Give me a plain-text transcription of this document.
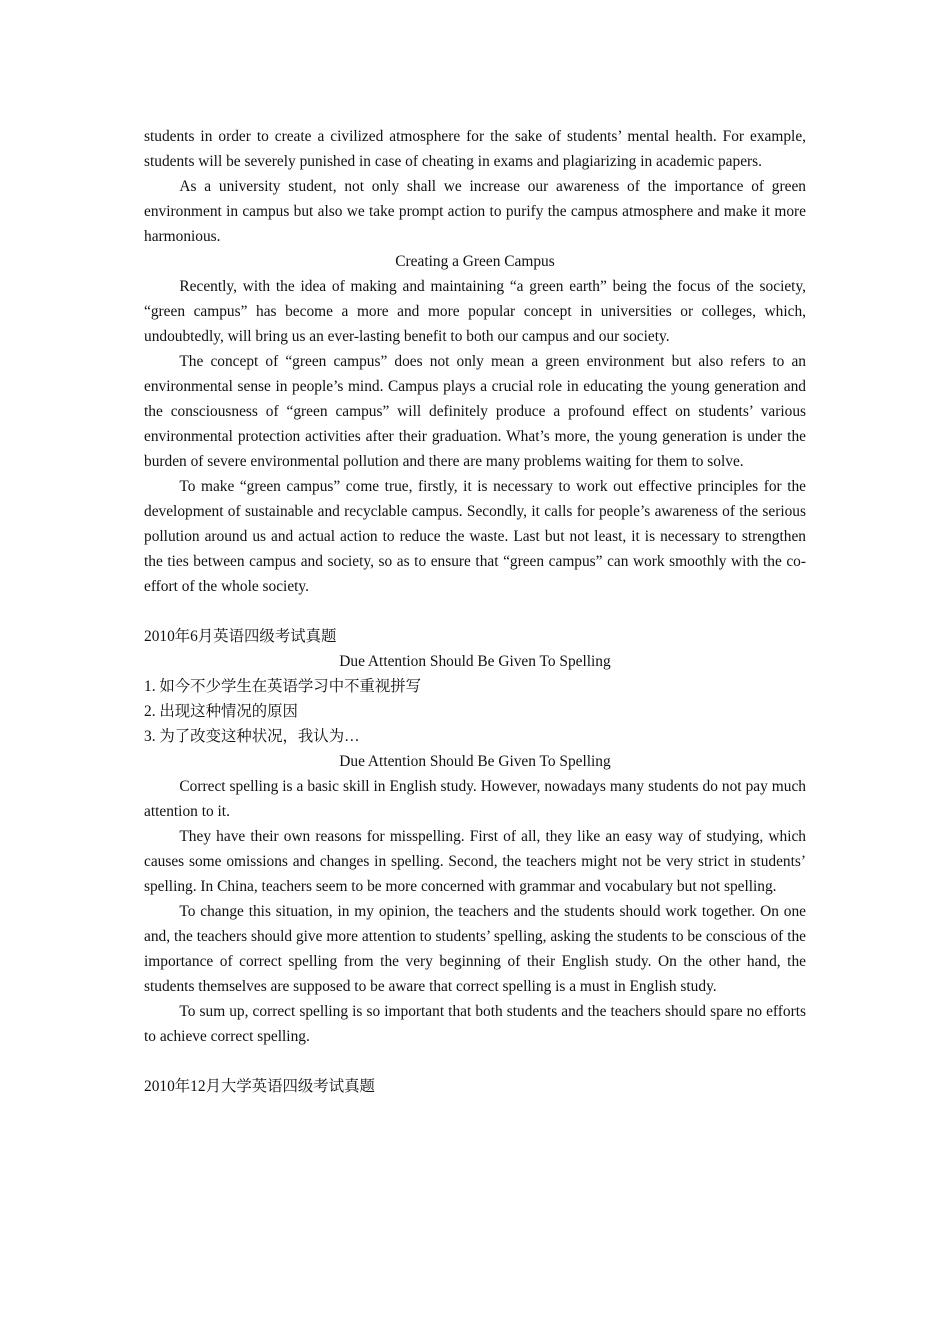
students in order to create a civilized atmosphere for the sake of students’ mental health. For example, students will be severely punished in case of cheating in exams and plagiarizing in academic papers.

As a university student, not only shall we increase our awareness of the importance of green environment in campus but also we take prompt action to purify the campus atmosphere and make it more harmonious.

Creating a Green Campus

Recently, with the idea of making and maintaining “a green earth” being the focus of the society, “green campus” has become a more and more popular concept in universities or colleges, which, undoubtedly, will bring us an ever-lasting benefit to both our campus and our society.

The concept of “green campus” does not only mean a green environment but also refers to an environmental sense in people’s mind. Campus plays a crucial role in educating the young generation and the consciousness of “green campus” will definitely produce a profound effect on students’ various environmental protection activities after their graduation. What’s more, the young generation is under the burden of severe environmental pollution and there are many problems waiting for them to solve.

To make “green campus” come true, firstly, it is necessary to work out effective principles for the development of sustainable and recyclable campus. Secondly, it calls for people’s awareness of the serious pollution around us and actual action to reduce the waste. Last but not least, it is necessary to strengthen the ties between campus and society, so as to ensure that “green campus” can work smoothly with the co-effort of the whole society.

2010年6月英语四级考试真题

Due Attention Should Be Given To Spelling

1. 如今不少学生在英语学习中不重视拼写

2. 出现这种情况的原因

3. 为了改变这种状况，我认为…

Due Attention Should Be Given To Spelling

Correct spelling is a basic skill in English study. However, nowadays many students do not pay much attention to it.

They have their own reasons for misspelling. First of all, they like an easy way of studying, which causes some omissions and changes in spelling. Second, the teachers might not be very strict in students’ spelling. In China, teachers seem to be more concerned with grammar and vocabulary but not spelling.

To change this situation, in my opinion, the teachers and the students should work together. On one and, the teachers should give more attention to students’ spelling, asking the students to be conscious of the importance of correct spelling from the very beginning of their English study. On the other hand, the students themselves are supposed to be aware that correct spelling is a must in English study.

To sum up, correct spelling is so important that both students and the teachers should spare no efforts to achieve correct spelling.

2010年12月大学英语四级考试真题
